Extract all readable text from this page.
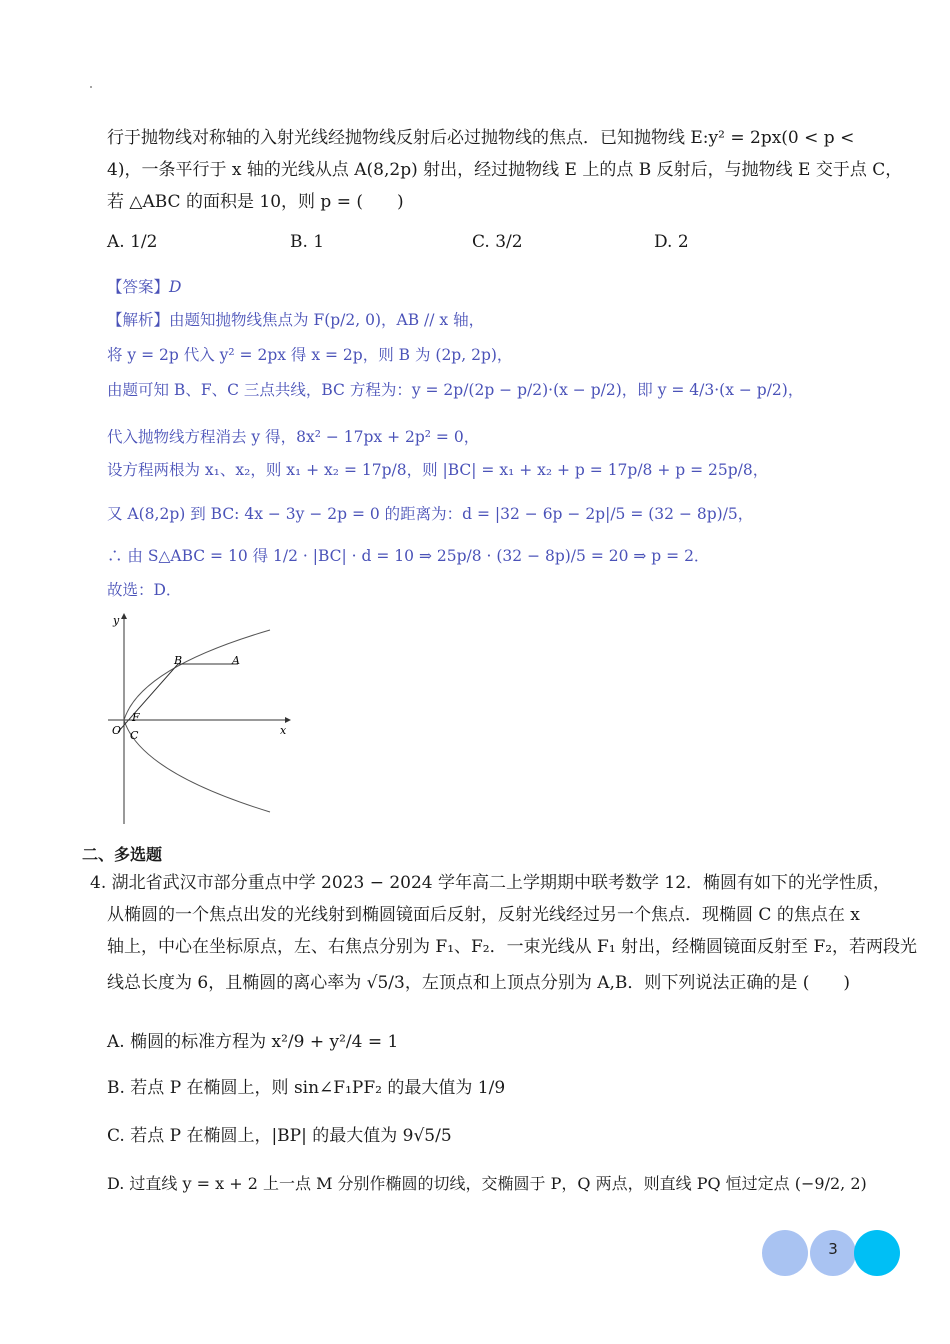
行于抛物线对称轴的入射光线经抛物线反射后必过抛物线的焦点．已知抛物线 E:y² = 2px(0 < p <
4)，一条平行于 x 轴的光线从点 A(8,2p) 射出，经过抛物线 E 上的点 B 反射后，与抛物线 E 交于点 C，
若 △ABC 的面积是 10，则 p = (　　)
A. 1/2	B. 1	C. 3/2	D. 2
【答案】D
【解析】由题知抛物线焦点为 F(p/2, 0)，AB // x 轴，
将 y = 2p 代入 y² = 2px 得 x = 2p，则 B 为 (2p, 2p)，
由题可知 B、F、C 三点共线，BC 方程为：y = 2p/(2p − p/2)·(x − p/2)，即 y = 4/3·(x − p/2)，
代入抛物线方程消去 y 得，8x² − 17px + 2p² = 0，
设方程两根为 x₁、x₂，则 x₁ + x₂ = 17p/8，则 |BC| = x₁ + x₂ + p = 17p/8 + p = 25p/8，
又 A(8,2p) 到 BC: 4x − 3y − 2p = 0 的距离为：d = |32 − 6p − 2p|/5 = (32 − 8p)/5，
∴ 由 S△ABC = 10 得 1/2 · |BC| · d = 10 ⇒ 25p/8 · (32 − 8p)/5 = 20 ⇒ p = 2．
故选：D．
y
x
O
F
C
B	A
二、多选题
4. 湖北省武汉市部分重点中学 2023 − 2024 学年高二上学期期中联考数学 12．椭圆有如下的光学性质，
从椭圆的一个焦点出发的光线射到椭圆镜面后反射，反射光线经过另一个焦点．现椭圆 C 的焦点在 x
轴上，中心在坐标原点，左、右焦点分别为 F₁、F₂．一束光线从 F₁ 射出，经椭圆镜面反射至 F₂，若两段光
线总长度为 6，且椭圆的离心率为 √5/3，左顶点和上顶点分别为 A,B．则下列说法正确的是 (　　)
A. 椭圆的标准方程为 x²/9 + y²/4 = 1
B. 若点 P 在椭圆上，则 sin∠F₁PF₂ 的最大值为 1/9
C. 若点 P 在椭圆上，|BP| 的最大值为 9√5/5
D. 过直线 y = x + 2 上一点 M 分别作椭圆的切线，交椭圆于 P，Q 两点，则直线 PQ 恒过定点 (−9/2, 2)
3
